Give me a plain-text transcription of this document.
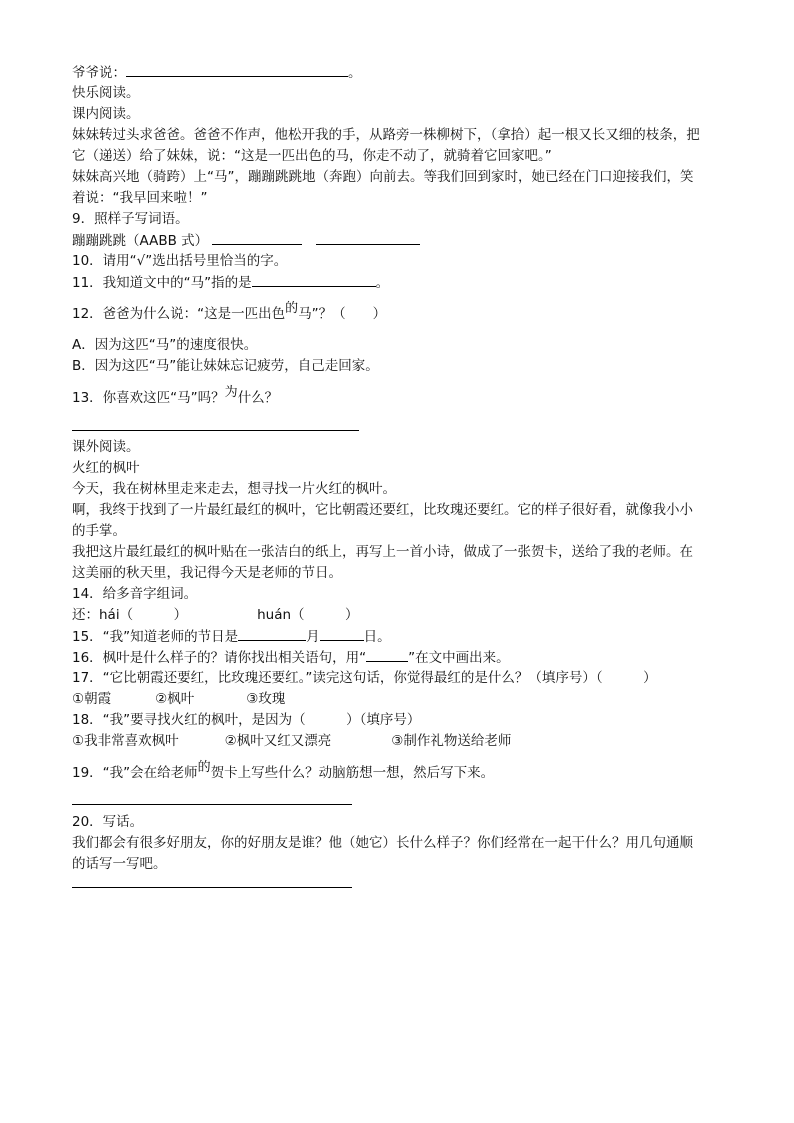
爷爷说：	。
快乐阅读。
课内阅读。
妹妹转过头求爸爸。爸爸不作声，他松开我的手，从路旁一株柳树下，（拿拾）起一根又长又细的枝条，把
它（递送）给了妹妹，说：“这是一匹出色的马，你走不动了，就骑着它回家吧。”
妹妹高兴地（骑跨）上“马”，蹦蹦跳跳地（奔跑）向前去。等我们回到家时，她已经在门口迎接我们，笑
着说：“我早回来啦！”
9．照样子写词语。
蹦蹦跳跳（AABB 式）
10．请用“√”选出括号里恰当的字。
11．我知道文中的“马”指的是	。
12．爸爸为什么说：“这是一匹出色的马”？（　　）
A．因为这匹“马”的速度很快。
B．因为这匹“马”能让妹妹忘记疲劳，自己走回家。
13．你喜欢这匹“马”吗？为什么？
课外阅读。
火红的枫叶
今天，我在树林里走来走去，想寻找一片火红的枫叶。
啊，我终于找到了一片最红最红的枫叶，它比朝霞还要红，比玫瑰还要红。它的样子很好看，就像我小小
的手掌。
我把这片最红最红的枫叶贴在一张洁白的纸上，再写上一首小诗，做成了一张贺卡，送给了我的老师。在
这美丽的秋天里，我记得今天是老师的节日。
14．给多音字组词。
还：hái（　　　）	huán（　　　）
15．“我”知道老师的节日是	月	日。
16．枫叶是什么样子的？请你找出相关语句，用“	”在文中画出来。
17．“它比朝霞还要红，比玫瑰还要红。”读完这句话，你觉得最红的是什么？（填序号）（　　　）
①朝霞	②枫叶	③玫瑰
18．“我”要寻找火红的枫叶，是因为（　　　）（填序号）
①我非常喜欢枫叶	②枫叶又红又漂亮	③制作礼物送给老师
19．“我”会在给老师的贺卡上写些什么？动脑筋想一想，然后写下来。
20．写话。
我们都会有很多好朋友，你的好朋友是谁？他（她它）长什么样子？你们经常在一起干什么？用几句通顺
的话写一写吧。
